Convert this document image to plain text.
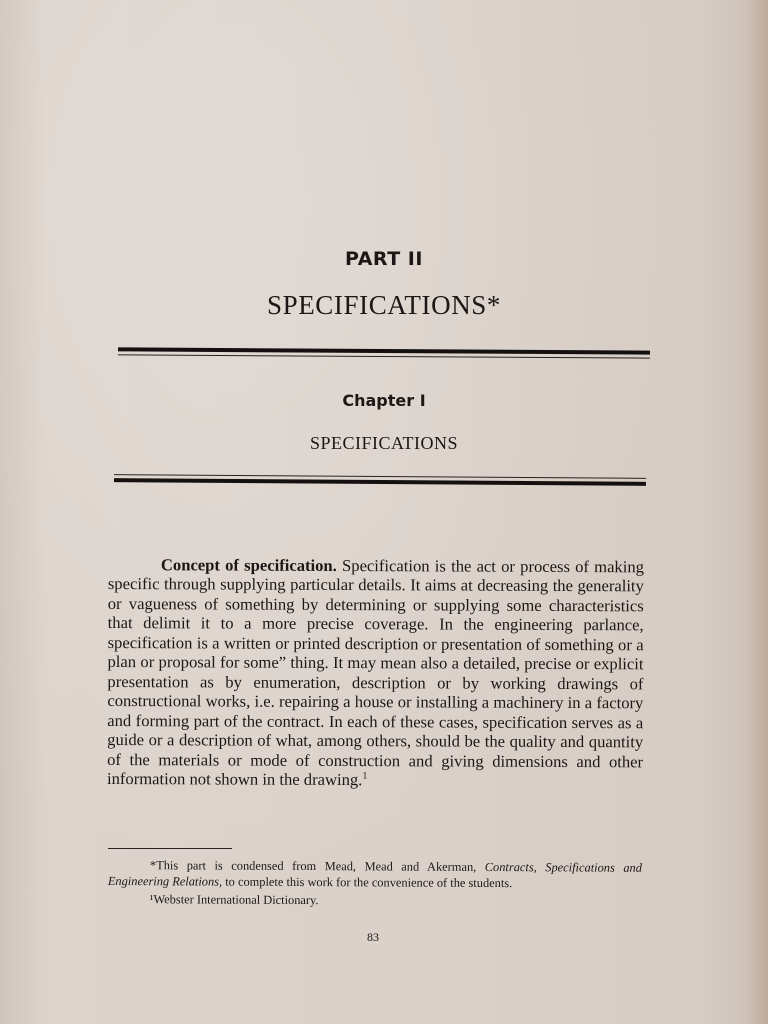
PART II
SPECIFICATIONS*
Chapter I
SPECIFICATIONS
Concept of specification. Specification is the act or process of making specific through supplying particular details. It aims at decreasing the generality or vagueness of something by determining or supplying some characteristics that delimit it to a more precise coverage. In the engineering parlance, specification is a written or printed description or presentation of something or a plan or proposal for some” thing. It may mean also a detailed, precise or explicit presentation as by enumeration, description or by working drawings of constructional works, i.e. repairing a house or installing a machinery in a factory and forming part of the contract. In each of these cases, specification serves as a guide or a description of what, among others, should be the quality and quantity of the materials or mode of construction and giving dimensions and other information not shown in the drawing.$^1$

*This part is condensed from Mead, Mead and Akerman, Contracts, Specifications and Engineering Relations, to complete this work for the convenience of the students.

¹Webster International Dictionary.

83
